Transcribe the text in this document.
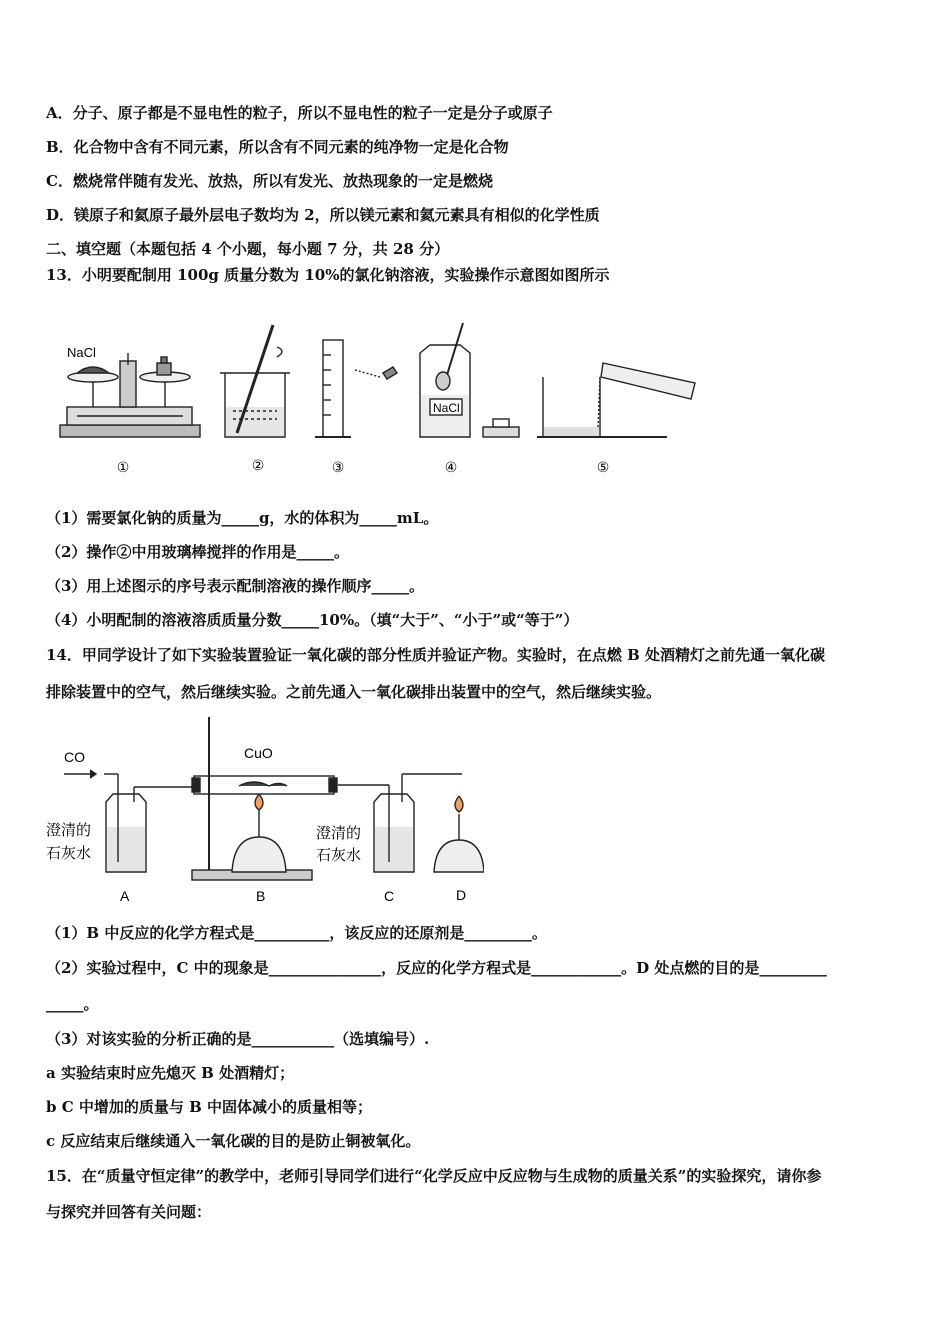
A．分子、原子都是不显电性的粒子，所以不显电性的粒子一定是分子或原子
B．化合物中含有不同元素，所以含有不同元素的纯净物一定是化合物
C．燃烧常伴随有发光、放热，所以有发光、放热现象的一定是燃烧
D．镁原子和氦原子最外层电子数均为 2，所以镁元素和氦元素具有相似的化学性质
二、填空题（本题包括 4 个小题，每小题 7 分，共 28 分）
13．小明要配制用 100g 质量分数为 10%的氯化钠溶液，实验操作示意图如图所示
NaCl
NaCl
①	②	③	④	⑤
（1）需要氯化钠的质量为_____g，水的体积为_____mL。
（2）操作②中用玻璃棒搅拌的作用是_____。
（3）用上述图示的序号表示配制溶液的操作顺序_____。
（4）小明配制的溶液溶质质量分数_____10%。（填“大于”、“小于”或“等于”）
14．甲同学设计了如下实验装置验证一氧化碳的部分性质并验证产物。实验时，在点燃 B 处酒精灯之前先通一氧化碳
排除装置中的空气，然后继续实验。之前先通入一氧化碳排出装置中的空气，然后继续实验。
CO	CuO
澄清的
石灰水
澄清的
石灰水
A	B	C	D
（1）B 中反应的化学方程式是__________，该反应的还原剂是_________。
（2）实验过程中，C 中的现象是_______________，反应的化学方程式是____________。D 处点燃的目的是_________
_____。
（3）对该实验的分析正确的是___________（选填编号）.
a 实验结束时应先熄灭 B 处酒精灯；
b C 中增加的质量与 B 中固体减小的质量相等；
c 反应结束后继续通入一氧化碳的目的是防止铜被氧化。
15．在“质量守恒定律”的教学中，老师引导同学们进行“化学反应中反应物与生成物的质量关系”的实验探究，请你参
与探究并回答有关问题：
